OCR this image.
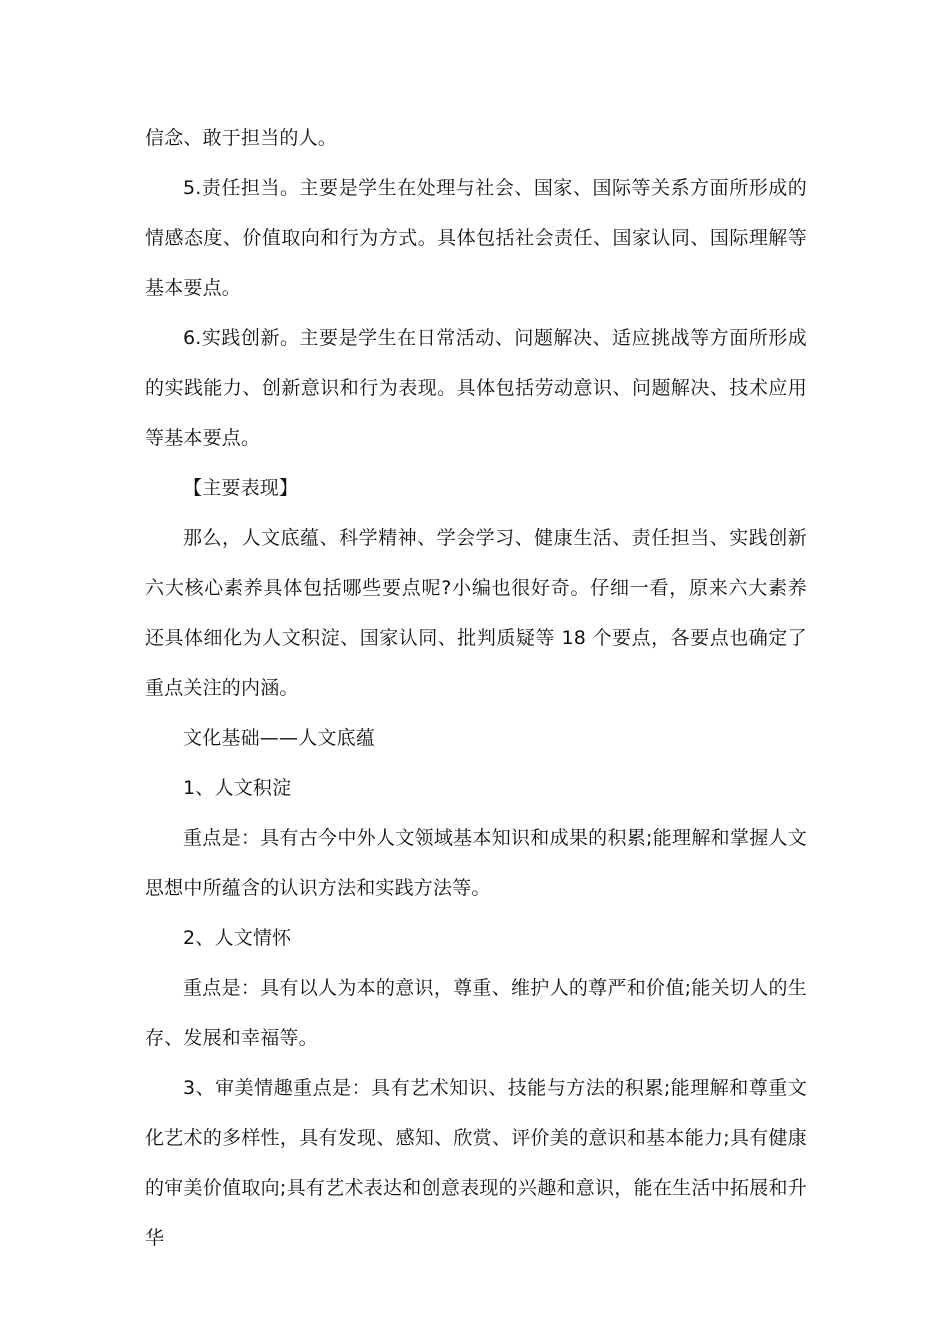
信念、敢于担当的人。

5.责任担当。主要是学生在处理与社会、国家、国际等关系方面所形成的情感态度、价值取向和行为方式。具体包括社会责任、国家认同、国际理解等基本要点。

6.实践创新。主要是学生在日常活动、问题解决、适应挑战等方面所形成的实践能力、创新意识和行为表现。具体包括劳动意识、问题解决、技术应用等基本要点。

【主要表现】

那么，人文底蕴、科学精神、学会学习、健康生活、责任担当、实践创新六大核心素养具体包括哪些要点呢?小编也很好奇。仔细一看，原来六大素养还具体细化为人文积淀、国家认同、批判质疑等 18 个要点，各要点也确定了重点关注的内涵。

文化基础——人文底蕴

1、人文积淀

重点是：具有古今中外人文领域基本知识和成果的积累;能理解和掌握人文思想中所蕴含的认识方法和实践方法等。

2、人文情怀

重点是：具有以人为本的意识，尊重、维护人的尊严和价值;能关切人的生存、发展和幸福等。

3、审美情趣重点是：具有艺术知识、技能与方法的积累;能理解和尊重文化艺术的多样性，具有发现、感知、欣赏、评价美的意识和基本能力;具有健康的审美价值取向;具有艺术表达和创意表现的兴趣和意识，能在生活中拓展和升华
